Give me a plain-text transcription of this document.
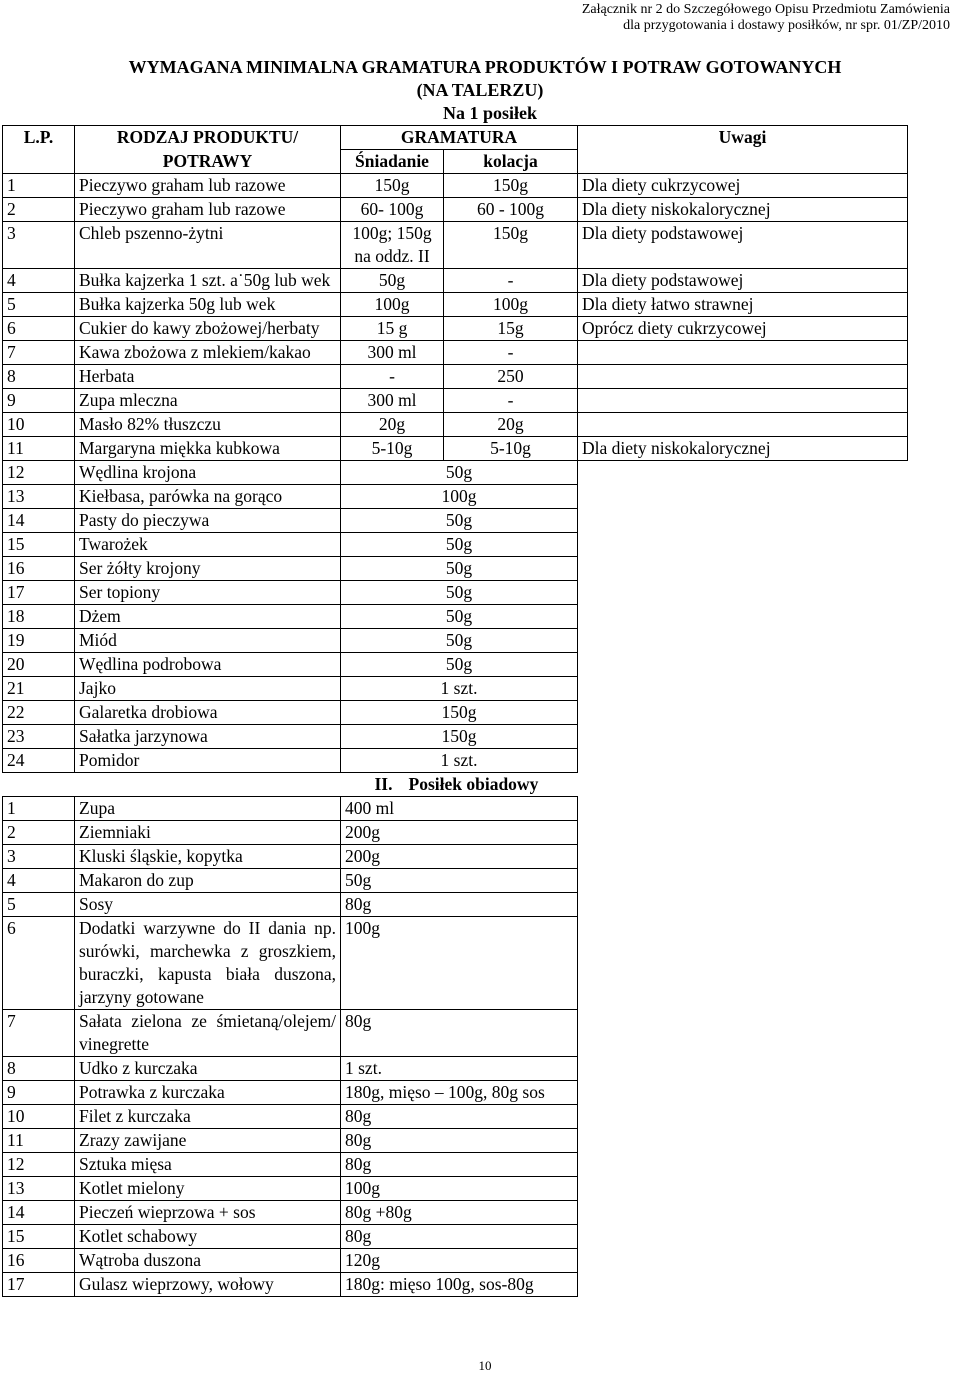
Załącznik nr 2 do Szczegółowego Opisu Przedmiotu Zamówienia
dla przygotowania i dostawy posiłków, nr spr. 01/ZP/2010
WYMAGANA MINIMALNA GRAMATURA PRODUKTÓW I POTRAW GOTOWANYCH
(NA TALERZU)
Na 1 posiłek
L.P.	RODZAJ PRODUKTU/	GRAMATURA		Uwagi
	POTRAWY	Śniadanie	kolacja	
1	Pieczywo graham lub razowe	150g	150g	Dla diety cukrzycowej
2	Pieczywo graham lub razowe	60- 100g	60 - 100g	Dla diety niskokalorycznej
3	Chleb pszenno-żytni	100g; 150g na oddz. II	150g	Dla diety podstawowej
4	Bułka kajzerka 1 szt. a˙50g lub wek	50g	-	Dla diety podstawowej
5	Bułka kajzerka 50g lub wek	100g	100g	Dla diety łatwo strawnej
6	Cukier do kawy zbożowej/herbaty	15 g	15g	Oprócz diety cukrzycowej
7	Kawa zbożowa z mlekiem/kakao	300 ml	-	
8	Herbata	-	250	
9	Zupa mleczna	300 ml	-	
10	Masło 82% tłuszczu	20g	20g	
11	Margaryna miękka kubkowa	5-10g	5-10g	Dla diety niskokalorycznej
12	Wędlina krojona	50g		
13	Kiełbasa, parówka na gorąco	100g		
14	Pasty do pieczywa	50g		
15	Twarożek	50g		
16	Ser żółty krojony	50g		
17	Ser topiony	50g		
18	Dżem	50g		
19	Miód	50g		
20	Wędlina podrobowa	50g		
21	Jajko	1 szt.		
22	Galaretka drobiowa	150g		
23	Sałatka jarzynowa	150g		
24	Pomidor	1 szt.		
		II. Posiłek obiadowy		
1	Zupa	400 ml		
2	Ziemniaki	200g		
3	Kluski śląskie, kopytka	200g		
4	Makaron do zup	50g		
5	Sosy	80g		
6	Dodatki warzywne do II dania np. surówki, marchewka z groszkiem, buraczki, kapusta biała duszona, jarzyny gotowane	100g		
7	Sałata zielona ze śmietaną/olejem/ vinegrette	80g		
8	Udko z kurczaka	1 szt.		
9	Potrawka z kurczaka	180g, mięso – 100g, 80g sos		
10	Filet z kurczaka	80g		
11	Zrazy zawijane	80g		
12	Sztuka mięsa	80g		
13	Kotlet mielony	100g		
14	Pieczeń wieprzowa + sos	80g +80g		
15	Kotlet schabowy	80g		
16	Wątroba duszona	120g		
17	Gulasz wieprzowy, wołowy	180g: mięso 100g, sos-80g		
10
